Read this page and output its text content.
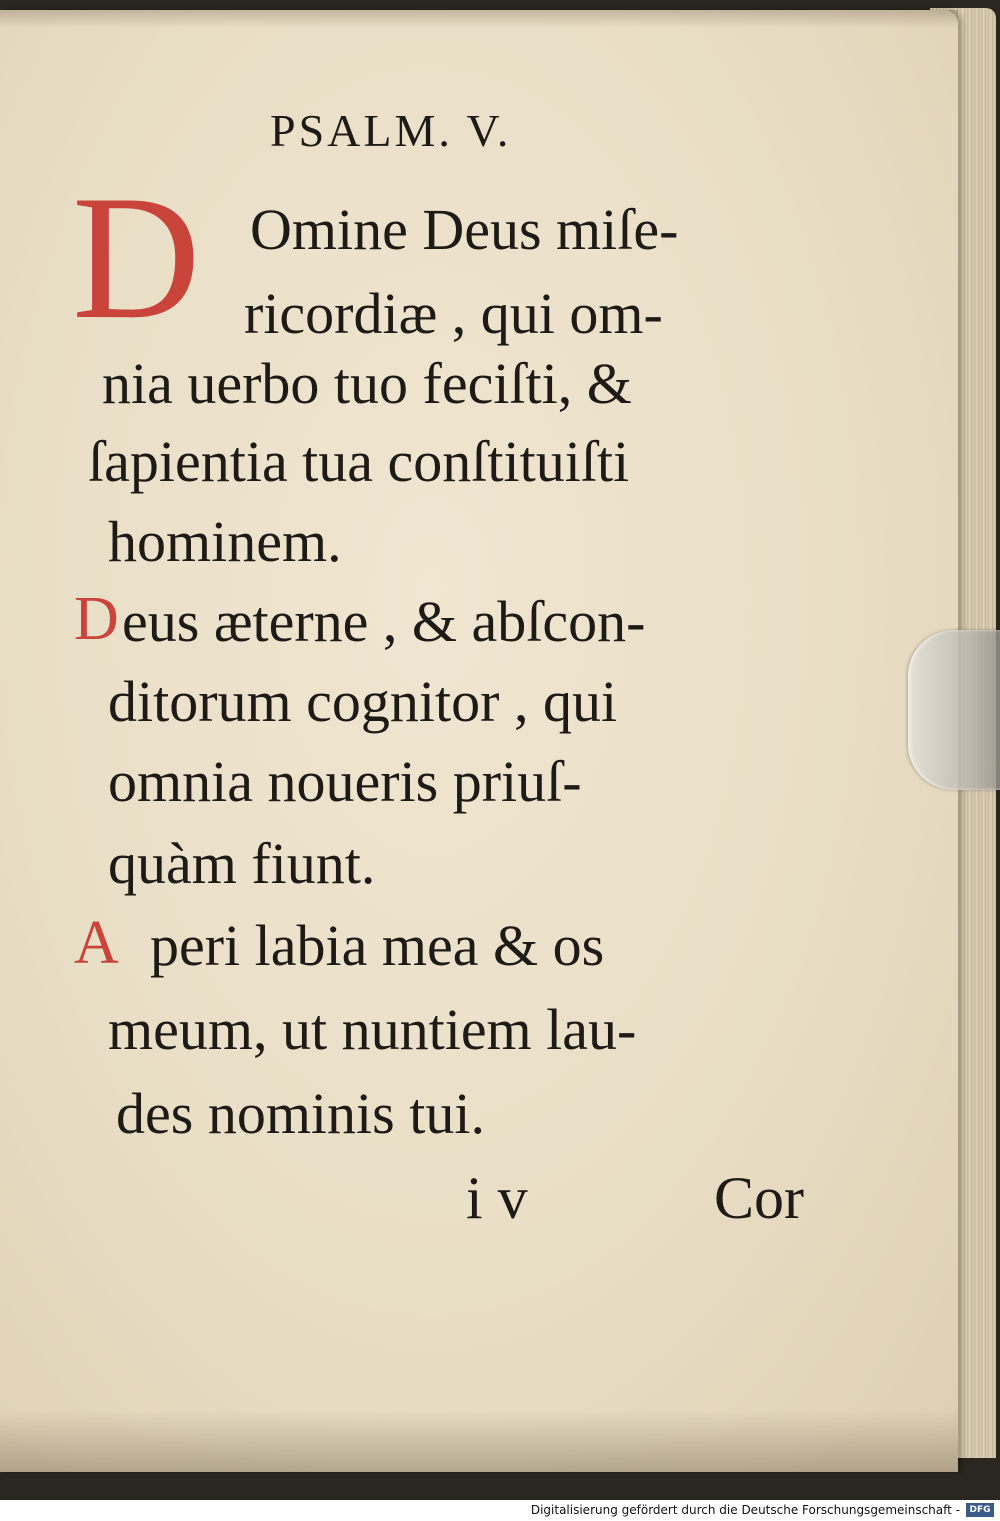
PSALM. V.
D Omine Deus miſe-
ricordiæ , qui om-
nia uerbo tuo feciſti, &
ſapientia tua conſtituiſti
hominem.
D eus æterne , & abſcon-
ditorum cognitor , qui
omnia noueris priuſ-
quàm fiunt.
A peri labia mea & os
meum, ut nuntiem lau-
des nominis tui.
i v	Cor
Digitalisierung gefördert durch die Deutsche Forschungsgemeinschaft -	DFG
